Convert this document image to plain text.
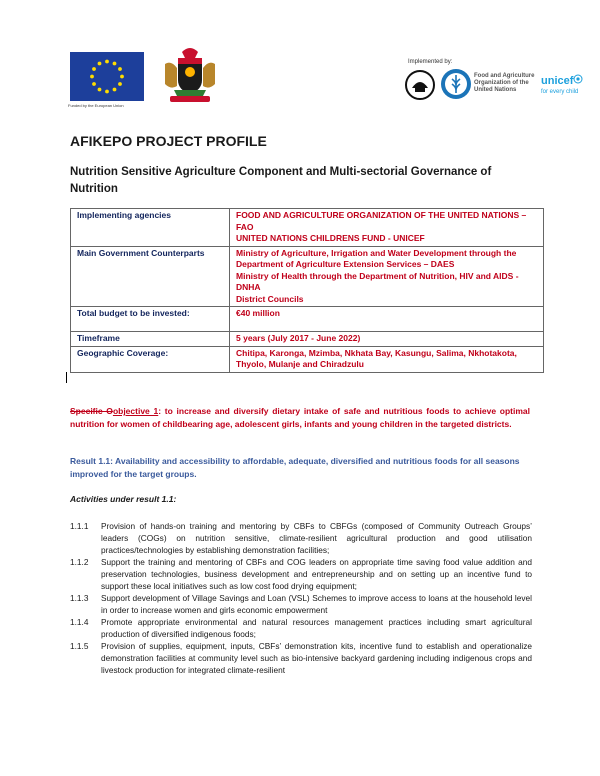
Funded by the European Union
Implemented by:
Food and Agriculture
Organization of the
United Nations
unicef
for every child
AFIKEPO PROJECT PROFILE
Nutrition Sensitive Agriculture Component and Multi-sectorial Governance of Nutrition
Implementing agencies	FOOD AND AGRICULTURE ORGANIZATION OF THE UNITED NATIONS – FAO
UNITED NATIONS CHILDRENS FUND - UNICEF

Main Government Counterparts	Ministry of Agriculture, Irrigation and Water Development through the Department of Agriculture Extension Services – DAES
Ministry of Health through the Department of Nutrition, HIV and AIDS - DNHA
District Councils

Total budget to be invested:	€40 million
Timeframe	5 years (July 2017 - June 2022)
Geographic Coverage:	Chitipa, Karonga, Mzimba, Nkhata Bay, Kasungu, Salima, Nkhotakota, Thyolo, Mulanje and Chiradzulu
Specific Oobjective 1: to increase and diversify dietary intake of safe and nutritious foods to achieve optimal nutrition for women of childbearing age, adolescent girls, infants and young children in the targeted districts.
Result 1.1: Availability and accessibility to affordable, adequate, diversified and nutritious foods for all seasons improved for the target groups.
Activities under result 1.1:
1.1.1	Provision of hands-on training and mentoring by CBFs to CBFGs (composed of Community Outreach Groups’ leaders (COGs) on nutrition sensitive, climate-resilient agricultural production and good utilisation practices/technologies by establishing demonstration facilities;
1.1.2	Support the training and mentoring of CBFs and COG leaders on appropriate time saving food value addition and preservation technologies, business development and entrepreneurship and on setting up an incentive fund to support these local initiatives such as low cost food drying equipment;
1.1.3	Support development of Village Savings and Loan (VSL) Schemes to improve access to loans at the household level in order to increase women and girls economic empowerment
1.1.4	Promote appropriate environmental and natural resources management practices including smart agricultural production of diversified indigenous foods;
1.1.5	Provision of supplies, equipment, inputs, CBFs’ demonstration kits, incentive fund to establish and operationalize demonstration facilities at community level such as bio-intensive backyard gardening including indigenous crops and livestock production for integrated climate-resilient
